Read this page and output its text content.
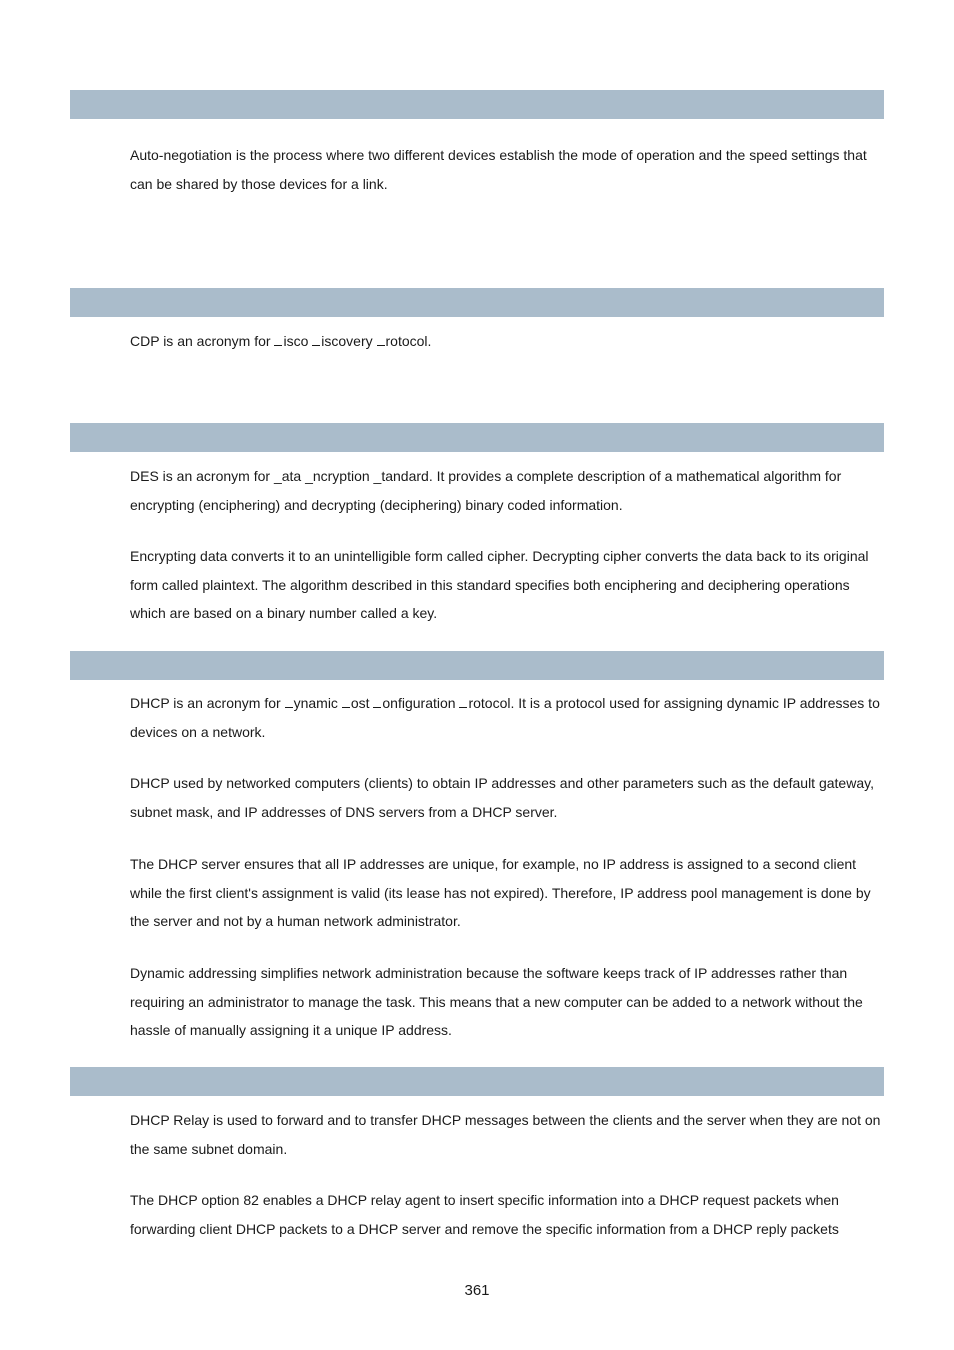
Auto-negotiation is the process where two different devices establish the mode of operation and the speed settings that can be shared by those devices for a link.

CDP is an acronym for isco iscovery rotocol.

DES is an acronym for _ata _ncryption _tandard. It provides a complete description of a mathematical algorithm for encrypting (enciphering) and decrypting (deciphering) binary coded information.

Encrypting data converts it to an unintelligible form called cipher. Decrypting cipher converts the data back to its original form called plaintext. The algorithm described in this standard specifies both enciphering and deciphering operations which are based on a binary number called a key.

DHCP is an acronym for ynamic ost onfiguration rotocol. It is a protocol used for assigning dynamic IP addresses to devices on a network.

DHCP used by networked computers (clients) to obtain IP addresses and other parameters such as the default gateway, subnet mask, and IP addresses of DNS servers from a DHCP server.

The DHCP server ensures that all IP addresses are unique, for example, no IP address is assigned to a second client while the first client's assignment is valid (its lease has not expired). Therefore, IP address pool management is done by the server and not by a human network administrator.

Dynamic addressing simplifies network administration because the software keeps track of IP addresses rather than requiring an administrator to manage the task. This means that a new computer can be added to a network without the hassle of manually assigning it a unique IP address.

DHCP Relay is used to forward and to transfer DHCP messages between the clients and the server when they are not on the same subnet domain.

The DHCP option 82 enables a DHCP relay agent to insert specific information into a DHCP request packets when forwarding client DHCP packets to a DHCP server and remove the specific information from a DHCP reply packets

361
